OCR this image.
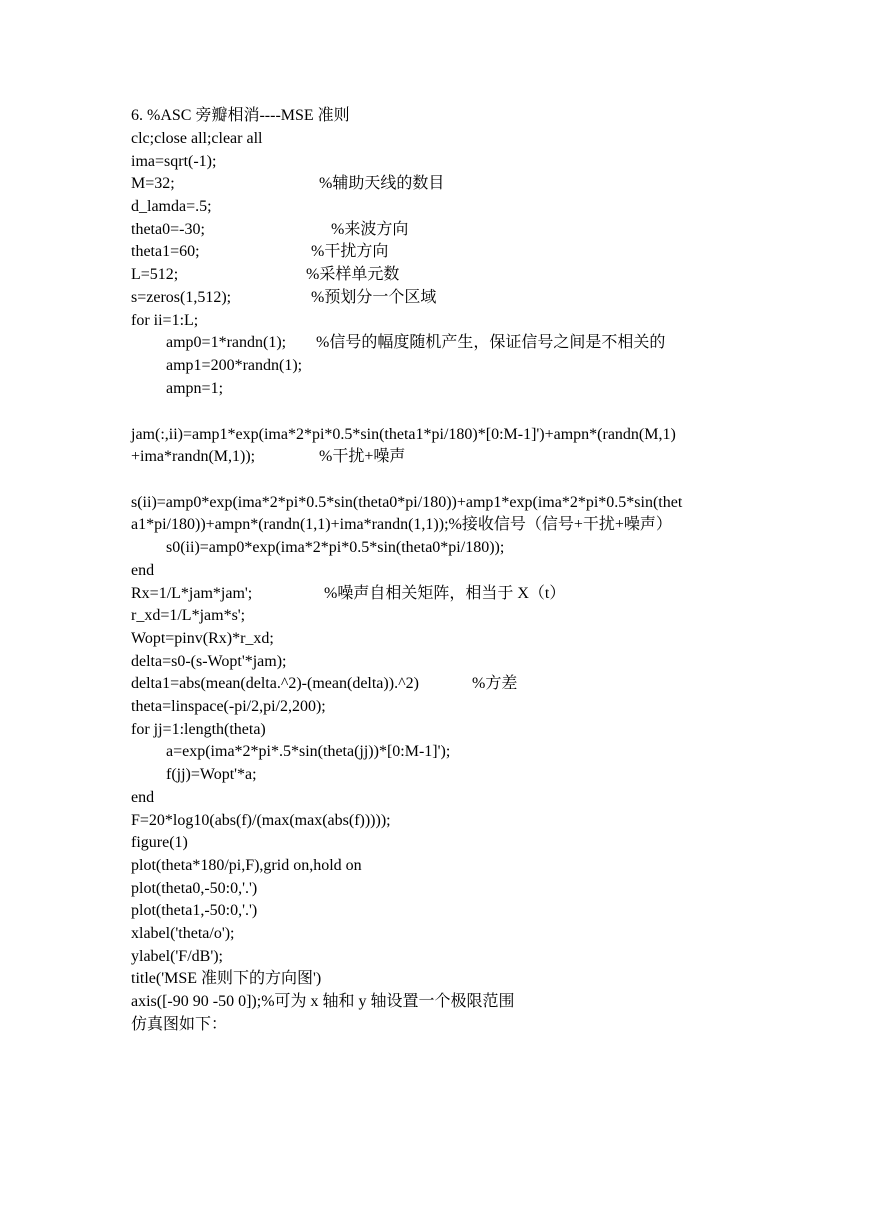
6. %ASC 旁瓣相消----MSE 准则
clc;close all;clear all
ima=sqrt(-1);
M=32;	%辅助天线的数目
d_lamda=.5;
theta0=-30;	%来波方向
theta1=60;	%干扰方向
L=512;	%采样单元数
s=zeros(1,512);	%预划分一个区域
for ii=1:L;
amp0=1*randn(1); %信号的幅度随机产生，保证信号之间是不相关的
amp1=200*randn(1);
ampn=1;
jam(:,ii)=amp1*exp(ima*2*pi*0.5*sin(theta1*pi/180)*[0:M-1]')+ampn*(randn(M,1)
+ima*randn(M,1));	%干扰+噪声
s(ii)=amp0*exp(ima*2*pi*0.5*sin(theta0*pi/180))+amp1*exp(ima*2*pi*0.5*sin(thet
a1*pi/180))+ampn*(randn(1,1)+ima*randn(1,1));%接收信号（信号+干扰+噪声）
s0(ii)=amp0*exp(ima*2*pi*0.5*sin(theta0*pi/180));
end
Rx=1/L*jam*jam';	%噪声自相关矩阵，相当于 X（t）
r_xd=1/L*jam*s';
Wopt=pinv(Rx)*r_xd;
delta=s0-(s-Wopt'*jam);
delta1=abs(mean(delta.^2)-(mean(delta)).^2)	%方差
theta=linspace(-pi/2,pi/2,200);
for jj=1:length(theta)
a=exp(ima*2*pi*.5*sin(theta(jj))*[0:M-1]');
f(jj)=Wopt'*a;
end
F=20*log10(abs(f)/(max(max(abs(f)))));
figure(1)
plot(theta*180/pi,F),grid on,hold on
plot(theta0,-50:0,'.')
plot(theta1,-50:0,'.')
xlabel('theta/o');
ylabel('F/dB');
title('MSE 准则下的方向图')
axis([-90 90 -50 0]);%可为 x 轴和 y 轴设置一个极限范围
仿真图如下：
